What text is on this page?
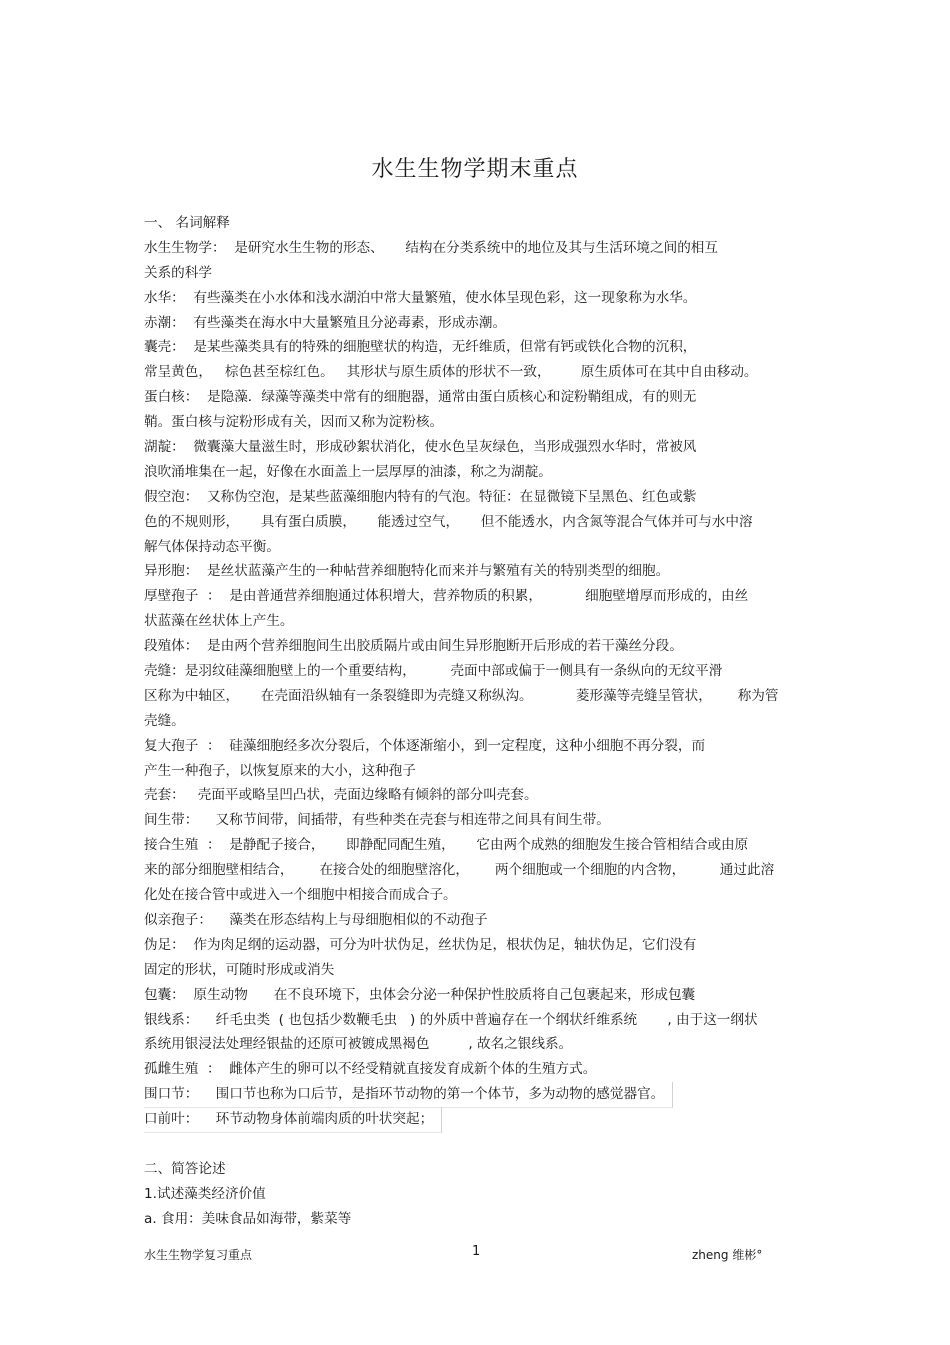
水生生物学期末重点
一、 名词解释
水生生物学：  是研究水生生物的形态、     结构在分类系统中的地位及其与生活环境之间的相互
关系的科学
水华：  有些藻类在小水体和浅水湖泊中常大量繁殖，使水体呈现色彩，这一现象称为水华。
赤潮：  有些藻类在海水中大量繁殖且分泌毒素，形成赤潮。
囊壳：  是某些藻类具有的特殊的细胞壁状的构造，无纤维质，但常有钙或铁化合物的沉积，
常呈黄色，   棕色甚至棕红色。   其形状与原生质体的形状不一致，       原生质体可在其中自由移动。
蛋白核：  是隐藻．绿藻等藻类中常有的细胞器，通常由蛋白质核心和淀粉鞘组成，有的则无
鞘。蛋白核与淀粉形成有关，因而又称为淀粉核。
湖靛：  微囊藻大量滋生时，形成砂絮状消化，使水色呈灰绿色，当形成强烈水华时，常被风
浪吹涌堆集在一起，好像在水面盖上一层厚厚的油漆，称之为湖靛。
假空泡：  又称伪空泡，是某些蓝藻细胞内特有的气泡。特征：在显微镜下呈黑色、红色或紫
色的不规则形，     具有蛋白质膜，     能透过空气，     但不能透水，内含氮等混合气体并可与水中溶
解气体保持动态平衡。
异形胞：  是丝状蓝藻产生的一种帖营养细胞特化而来并与繁殖有关的特别类型的细胞。
厚壁孢子  ：  是由普通营养细胞通过体积增大，营养物质的积累，          细胞壁增厚而形成的，由丝
状蓝藻在丝状体上产生。
段殖体：  是由两个营养细胞间生出胶质隔片或由间生异形胞断开后形成的若干藻丝分段。
壳缝：是羽纹硅藻细胞壁上的一个重要结构，        壳面中部或偏于一侧具有一条纵向的无纹平滑
区称为中轴区，     在壳面沿纵轴有一条裂缝即为壳缝又称纵沟。          菱形藻等壳缝呈管状，      称为管
壳缝。
复大孢子  ：  硅藻细胞经多次分裂后，个体逐渐缩小，到一定程度，这种小细胞不再分裂，而
产生一种孢子，以恢复原来的大小，这种孢子
壳套：   壳面平或略呈凹凸状，壳面边缘略有倾斜的部分叫壳套。
间生带：    又称节间带，间插带，有些种类在壳套与相连带之间具有间生带。
接合生殖  ：  是静配子接合，     即静配同配生殖，     它由两个成熟的细胞发生接合管相结合或由原
来的部分细胞壁相结合，      在接合处的细胞壁溶化，      两个细胞或一个细胞的内含物，        通过此溶
化处在接合管中或进入一个细胞中相接合而成合子。
似亲孢子：    藻类在形态结构上与母细胞相似的不动孢子
伪足：  作为肉足纲的运动器，可分为叶状伪足，丝状伪足，根状伪足，轴状伪足，它们没有
固定的形状，可随时形成或消失
包囊：  原生动物      在不良环境下，虫体会分泌一种保护性胶质将自己包裹起来，形成包囊
银线系：    纤毛虫类  ( 也包括少数鞭毛虫   ) 的外质中普遍存在一个纲状纤维系统       , 由于这一纲状
系统用银浸法处理经银盐的还原可被镀成黑褐色         , 故名之银线系。
孤雌生殖  ：  雌体产生的卵可以不经受精就直接发育成新个体的生殖方式。
围口节：    围口节也称为口后节，是指环节动物的第一个体节，多为动物的感觉器官。
口前叶：    环节动物身体前端肉质的叶状突起；
二、简答论述
1.试述藻类经济价值
a. 食用：美味食品如海带，紫菜等
水生生物学复习重点	1	zheng 维彬°
